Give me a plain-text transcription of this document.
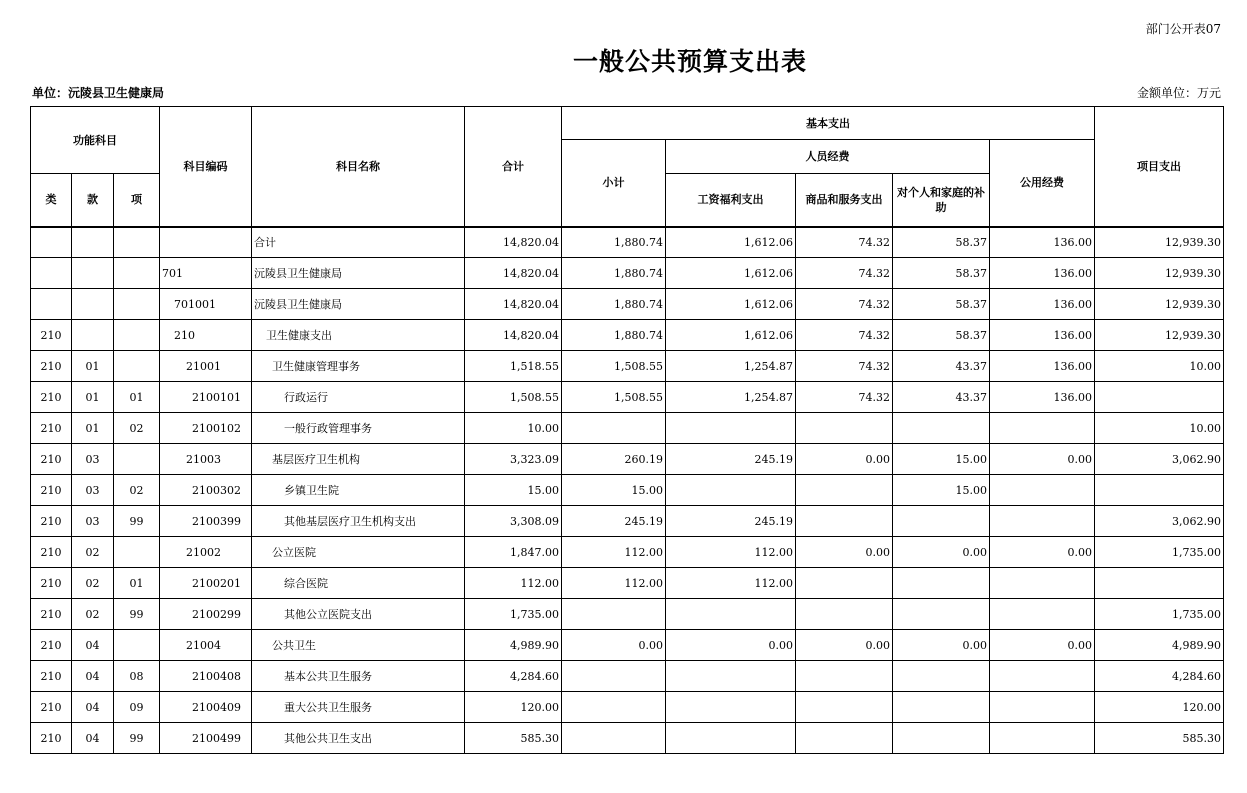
部门公开表07
一般公共预算支出表
单位：沅陵县卫生健康局	金额单位：万元
功能科目			科目编码	科目名称	合计	基本支出					项目支出
						小计	人员经费			公用经费	
类	款	项					工资福利支出	商品和服务支出	对个人和家庭的补助		
				合计	14,820.04	1,880.74	1,612.06	74.32	58.37	136.00	12,939.30
			701	沅陵县卫生健康局	14,820.04	1,880.74	1,612.06	74.32	58.37	136.00	12,939.30
			701001	沅陵县卫生健康局	14,820.04	1,880.74	1,612.06	74.32	58.37	136.00	12,939.30
210			210	卫生健康支出	14,820.04	1,880.74	1,612.06	74.32	58.37	136.00	12,939.30
210	01		21001	卫生健康管理事务	1,518.55	1,508.55	1,254.87	74.32	43.37	136.00	10.00
210	01	01	2100101	行政运行	1,508.55	1,508.55	1,254.87	74.32	43.37	136.00	
210	01	02	2100102	一般行政管理事务	10.00						10.00
210	03		21003	基层医疗卫生机构	3,323.09	260.19	245.19	0.00	15.00	0.00	3,062.90
210	03	02	2100302	乡镇卫生院	15.00	15.00			15.00		
210	03	99	2100399	其他基层医疗卫生机构支出	3,308.09	245.19	245.19				3,062.90
210	02		21002	公立医院	1,847.00	112.00	112.00	0.00	0.00	0.00	1,735.00
210	02	01	2100201	综合医院	112.00	112.00	112.00				
210	02	99	2100299	其他公立医院支出	1,735.00						1,735.00
210	04		21004	公共卫生	4,989.90	0.00	0.00	0.00	0.00	0.00	4,989.90
210	04	08	2100408	基本公共卫生服务	4,284.60						4,284.60
210	04	09	2100409	重大公共卫生服务	120.00						120.00
210	04	99	2100499	其他公共卫生支出	585.30						585.30
